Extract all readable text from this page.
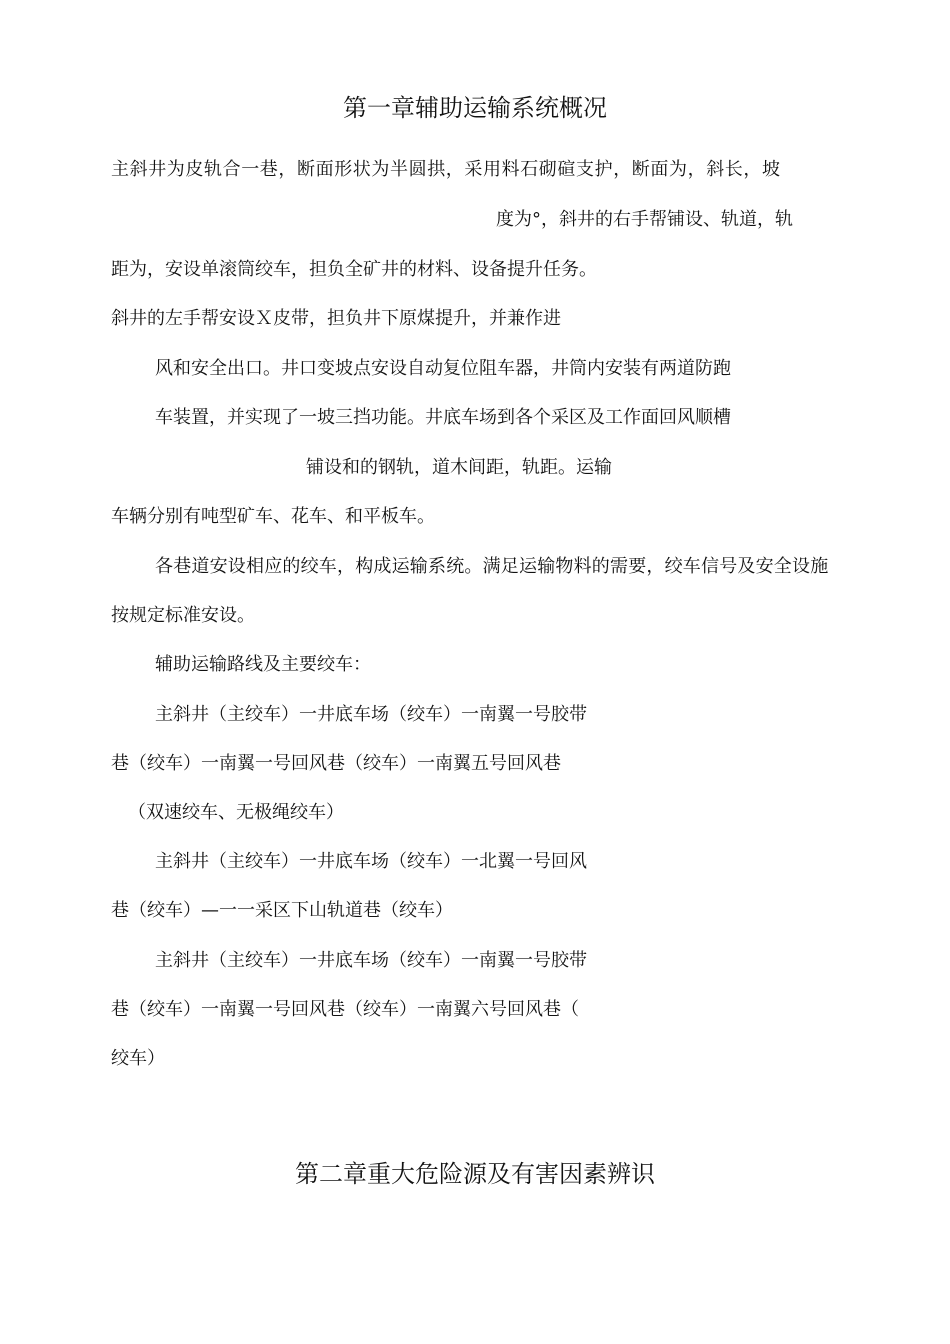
第一章辅助运输系统概况
主斜井为皮轨合一巷，断面形状为半圆拱，采用料石砌碹支护，断面为，斜长，坡
度为°，斜井的右手帮铺设、轨道，轨
距为，安设单滚筒绞车，担负全矿井的材料、设备提升任务。
斜井的左手帮安设Ｘ皮带，担负井下原煤提升，并兼作进
风和安全出口。井口变坡点安设自动复位阻车器，井筒内安装有两道防跑
车装置，并实现了一坡三挡功能。井底车场到各个采区及工作面回风顺槽
铺设和的钢轨，道木间距，轨距。运输
车辆分别有吨型矿车、花车、和平板车。
各巷道安设相应的绞车，构成运输系统。满足运输物料的需要，绞车信号及安全设施
按规定标准安设。
辅助运输路线及主要绞车：
主斜井（主绞车）一井底车场（绞车）一南翼一号胶带
巷（绞车）一南翼一号回风巷（绞车）一南翼五号回风巷
（双速绞车、无极绳绞车）
主斜井（主绞车）一井底车场（绞车）一北翼一号回风
巷（绞车）—一一采区下山轨道巷（绞车）
主斜井（主绞车）一井底车场（绞车）一南翼一号胶带
巷（绞车）一南翼一号回风巷（绞车）一南翼六号回风巷（
绞车）
第二章重大危险源及有害因素辨识
